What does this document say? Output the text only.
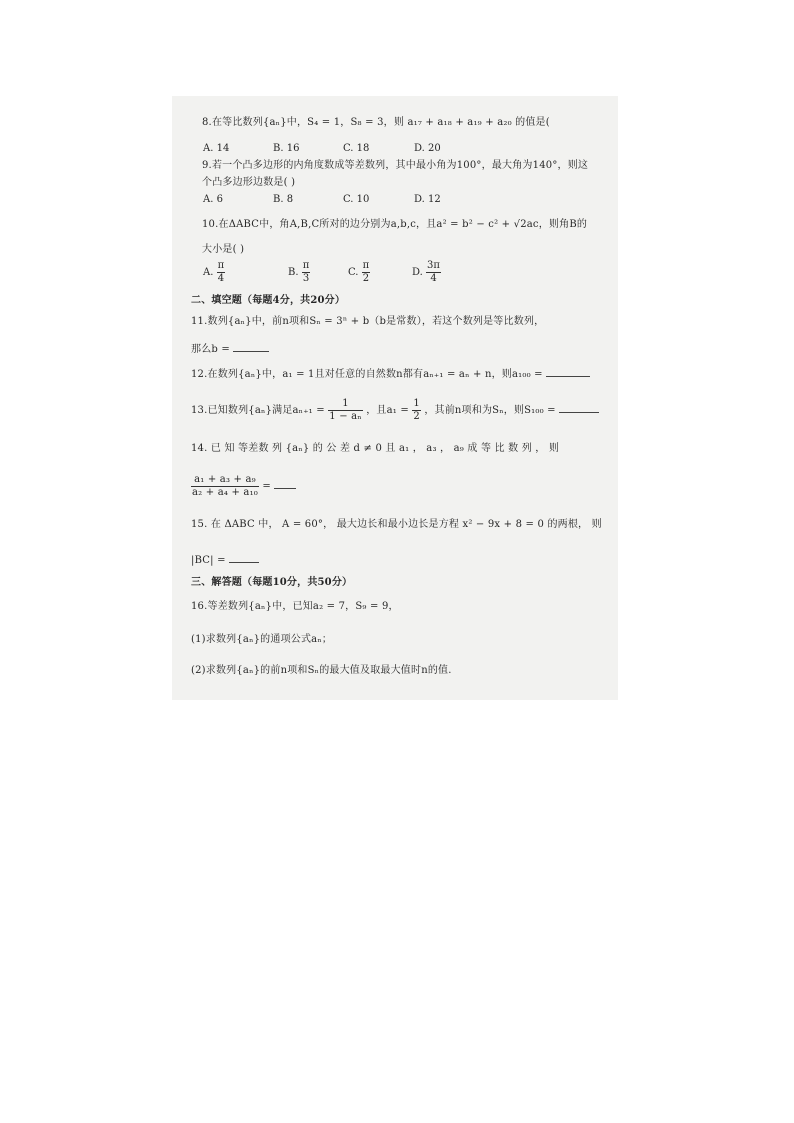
8.在等比数列{aₙ}中，S₄ = 1，S₈ = 3，则 a₁₇ + a₁₈ + a₁₉ + a₂₀ 的值是(
A. 14	B. 16	C. 18	D. 20
9.若一个凸多边形的内角度数成等差数列，其中最小角为100°，最大角为140°，则这
个凸多边形边数是( )
A. 6	B. 8	C. 10	D. 12
10.在ΔABC中，角A,B,C所对的边分别为a,b,c，且a² = b² − c² + √2ac，则角B的
大小是( )
A. $\frac{\pi}{4}$	B. $\frac{\pi}{3}$	C. $\frac{\pi}{2}$	D. $\frac{3\pi}{4}$
二、填空题（每题4分，共20分）
11.数列{aₙ}中，前n项和Sₙ = 3ⁿ + b（b是常数），若这个数列是等比数列，
那么b =
12.在数列{aₙ}中，a₁ = 1且对任意的自然数n都有aₙ₊₁ = aₙ + n，则a₁₀₀ =
13.已知数列{aₙ}满足$a_{n+1} = \frac{1}{\text{1 − aₙ}}$ ，且$a_1 = \frac{1}{2}$ ，其前n项和为Sₙ，则S₁₀₀ =
14. 已 知 等差数 列 {aₙ} 的 公 差 d ≠ 0 且 a₁ ， a₃ ， a₉ 成 等 比 数 列 ， 则
$\frac{\text{a₁ + a₃ + a₉}}{\text{a₂ + a₄ + a₁₀}}$ =
15. 在 ΔABC 中， A = 60°， 最大边长和最小边长是方程 x² − 9x + 8 = 0 的两根， 则
|BC| =
三、解答题（每题10分，共50分）
16.等差数列{aₙ}中，已知a₂ = 7，S₉ = 9，
(1)求数列{aₙ}的通项公式aₙ；
(2)求数列{aₙ}的前n项和Sₙ的最大值及取最大值时n的值.
